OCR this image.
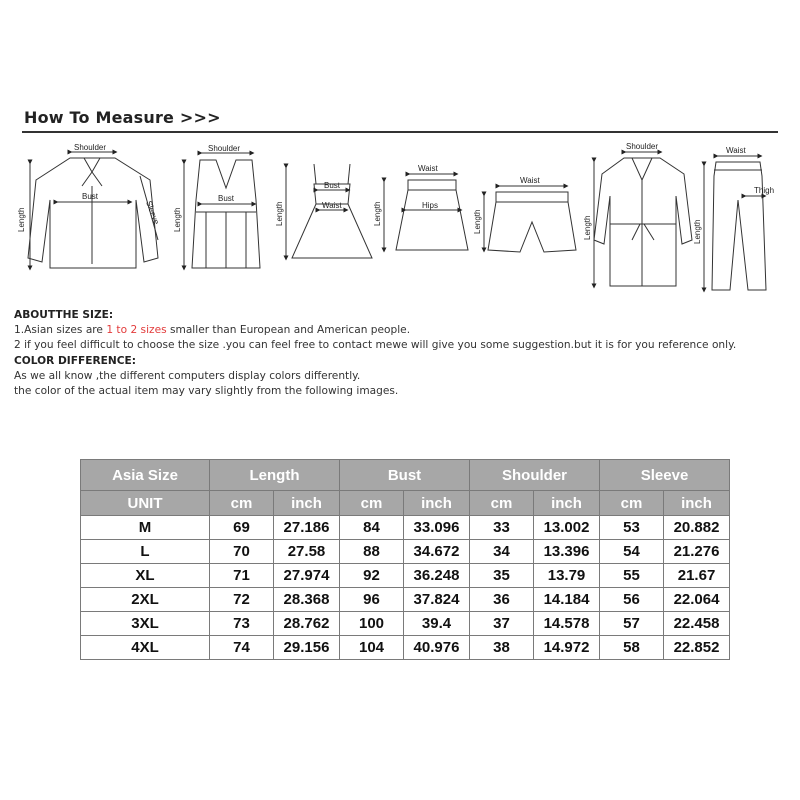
How To Measure >>>
Shoulder
Bust
Sleeve
Length
Shoulder
Bust
Length
Bust
Waist
Length
Waist
Hips
Length
Waist
Length
Shoulder
Length
Waist
Thigh
Length
ABOUTTHE SIZE:
1.Asian sizes are 1 to 2 sizes smaller than European and American people.
2 if you feel difficult to choose the size .you can feel free to contact mewe will give you some suggestion.but it is for you reference only.
COLOR DIFFERENCE:
As we all know ,the different computers display colors differently.
the color of the actual item may vary slightly from the following images.
Asia Size	Length		Bust		Shoulder		Sleeve	
UNIT	cm	inch	cm	inch	cm	inch	cm	inch
M	69	27.186	84	33.096	33	13.002	53	20.882
L	70	27.58	88	34.672	34	13.396	54	21.276
XL	71	27.974	92	36.248	35	13.79	55	21.67
2XL	72	28.368	96	37.824	36	14.184	56	22.064
3XL	73	28.762	100	39.4	37	14.578	57	22.458
4XL	74	29.156	104	40.976	38	14.972	58	22.852
